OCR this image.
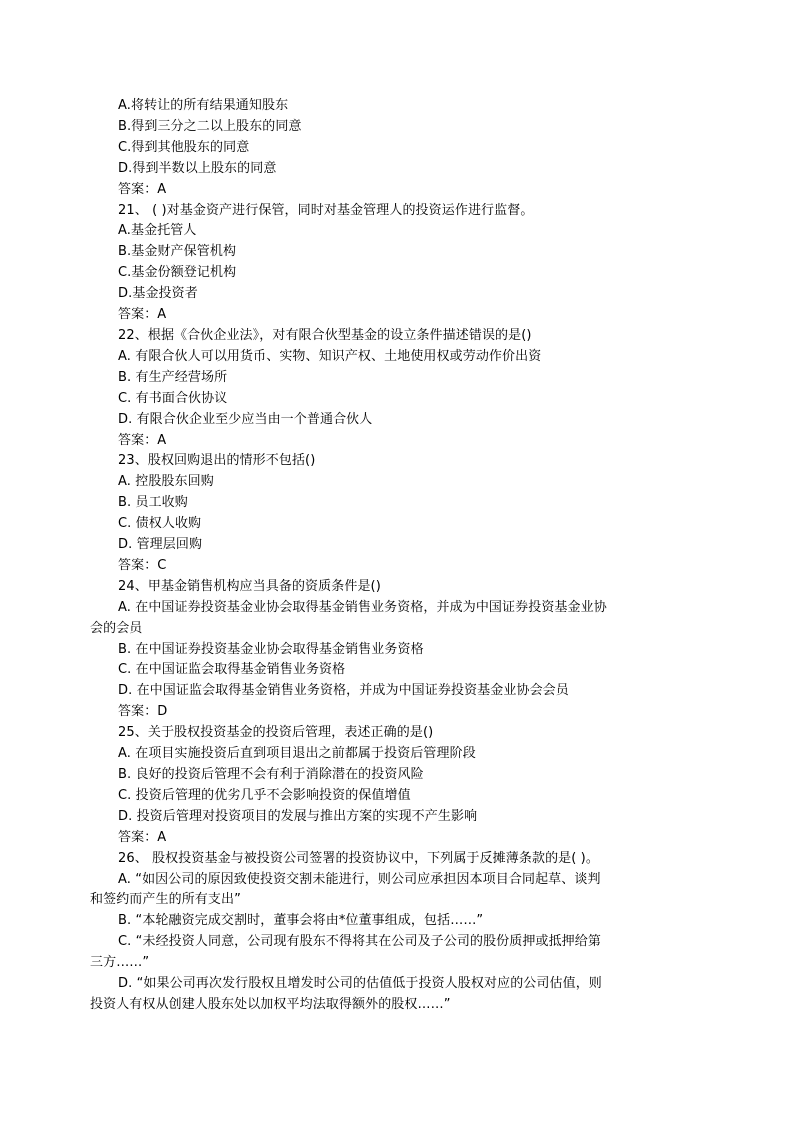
A.将转让的所有结果通知股东
B.得到三分之二以上股东的同意
C.得到其他股东的同意
D.得到半数以上股东的同意
答案：A
21、 ( )对基金资产进行保管，同时对基金管理人的投资运作进行监督。
A.基金托管人
B.基金财产保管机构
C.基金份额登记机构
D.基金投资者
答案：A
22、根据《合伙企业法》，对有限合伙型基金的设立条件描述错误的是()
A. 有限合伙人可以用货币、实物、知识产权、土地使用权或劳动作价出资
B. 有生产经营场所
C. 有书面合伙协议
D. 有限合伙企业至少应当由一个普通合伙人
答案：A
23、股权回购退出的情形不包括()
A. 控股股东回购
B. 员工收购
C. 债权人收购
D. 管理层回购
答案：C
24、甲基金销售机构应当具备的资质条件是()
A. 在中国证券投资基金业协会取得基金销售业务资格，并成为中国证券投资基金业协
会的会员
B. 在中国证券投资基金业协会取得基金销售业务资格
C. 在中国证监会取得基金销售业务资格
D. 在中国证监会取得基金销售业务资格，并成为中国证券投资基金业协会会员
答案：D
25、关于股权投资基金的投资后管理，表述正确的是()
A. 在项目实施投资后直到项目退出之前都属于投资后管理阶段
B. 良好的投资后管理不会有利于消除潜在的投资风险
C. 投资后管理的优劣几乎不会影响投资的保值增值
D. 投资后管理对投资项目的发展与推出方案的实现不产生影响
答案：A
26、 股权投资基金与被投资公司签署的投资协议中，下列属于反摊薄条款的是( )。
A. “如因公司的原因致使投资交割未能进行，则公司应承担因本项目合同起草、谈判
和签约而产生的所有支出”
B. “本轮融资完成交割时，董事会将由*位董事组成，包括……”
C. “未经投资人同意，公司现有股东不得将其在公司及子公司的股份质押或抵押给第
三方……”
D. “如果公司再次发行股权且增发时公司的估值低于投资人股权对应的公司估值，则
投资人有权从创建人股东处以加权平均法取得额外的股权……”
